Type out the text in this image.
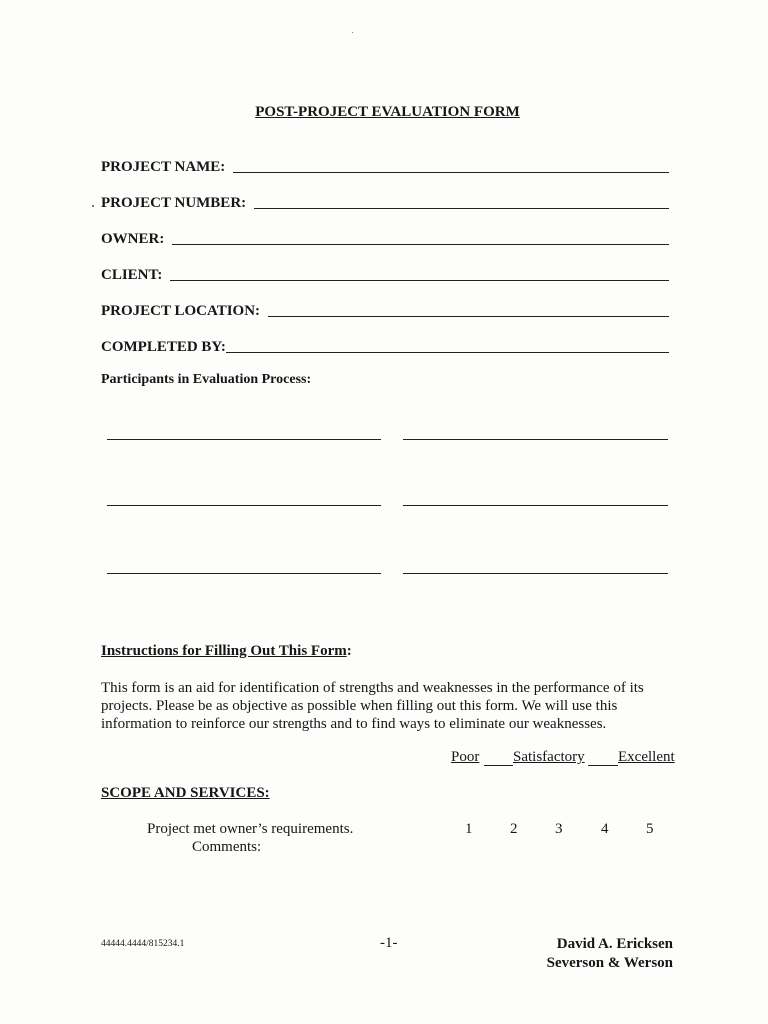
POST-PROJECT EVALUATION FORM
PROJECT NAME:
PROJECT NUMBER:
OWNER:
CLIENT:
PROJECT LOCATION:
COMPLETED BY:
Participants in Evaluation Process:
Instructions for Filling Out This Form:
This form is an aid for identification of strengths and weaknesses in the performance of its projects. Please be as objective as possible when filling out this form. We will use this information to reinforce our strengths and to find ways to eliminate our weaknesses.
Poor Satisfactory Excellent
SCOPE AND SERVICES:
Project met owner’s requirements.
Comments:
1	2	3	4	5
44444.4444/815234.1	-1-	David A. Ericksen
Severson & Werson
